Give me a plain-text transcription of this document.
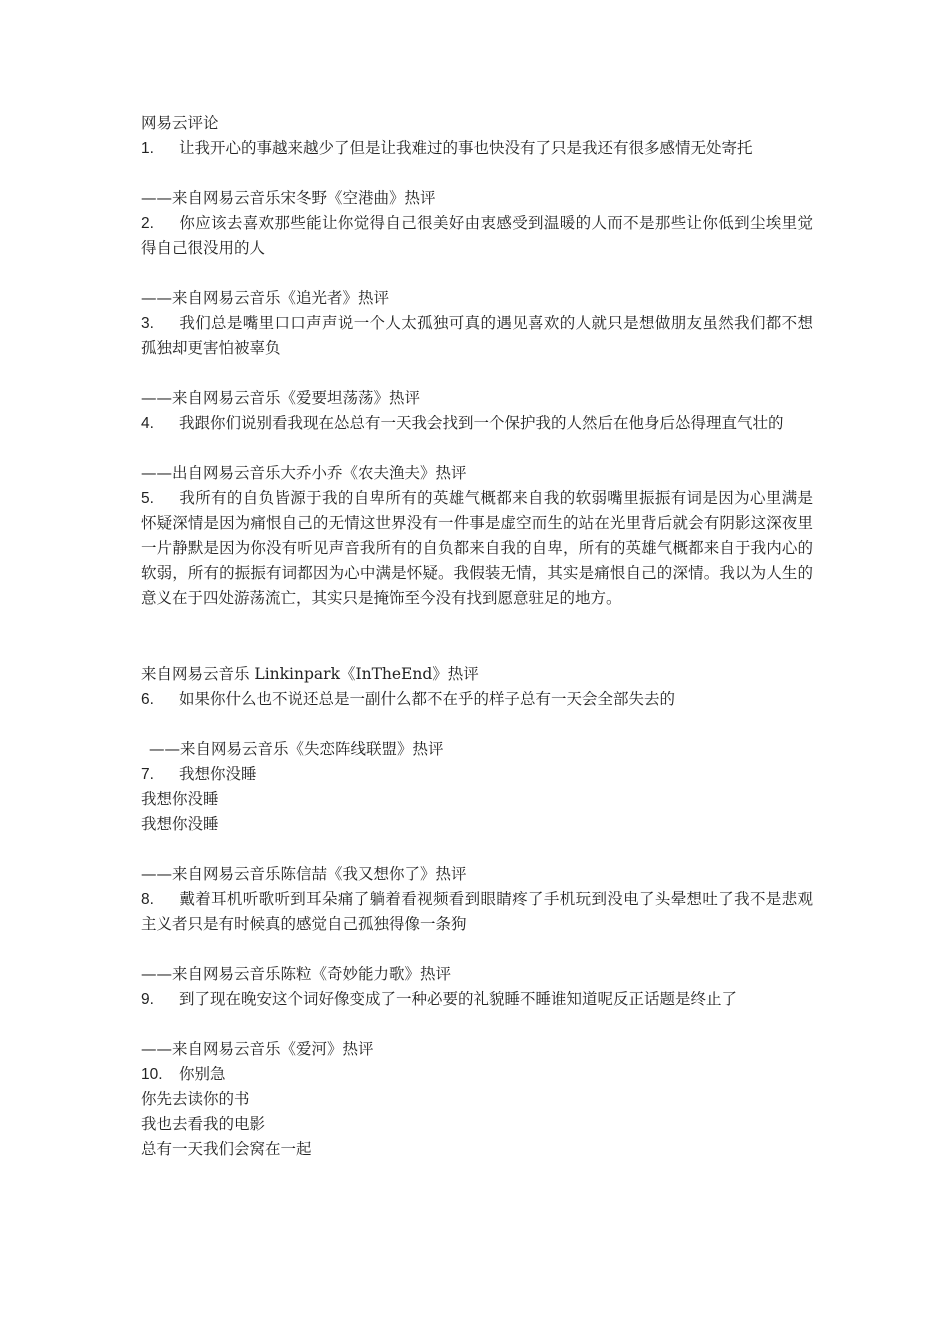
网易云评论

1. 让我开心的事越来越少了但是让我难过的事也快没有了只是我还有很多感情无处寄托

——来自网易云音乐宋冬野《空港曲》热评

2. 你应该去喜欢那些能让你觉得自己很美好由衷感受到温暖的人而不是那些让你低到尘埃里觉得自己很没用的人

——来自网易云音乐《追光者》热评

3. 我们总是嘴里口口声声说一个人太孤独可真的遇见喜欢的人就只是想做朋友虽然我们都不想孤独却更害怕被辜负

——来自网易云音乐《爱要坦荡荡》热评

4. 我跟你们说别看我现在怂总有一天我会找到一个保护我的人然后在他身后怂得理直气壮的

——出自网易云音乐大乔小乔《农夫渔夫》热评

5. 我所有的自负皆源于我的自卑所有的英雄气概都来自我的软弱嘴里振振有词是因为心里满是怀疑深情是因为痛恨自己的无情这世界没有一件事是虚空而生的站在光里背后就会有阴影这深夜里一片静默是因为你没有听见声音我所有的自负都来自我的自卑，所有的英雄气概都来自于我内心的软弱，所有的振振有词都因为心中满是怀疑。我假装无情，其实是痛恨自己的深情。我以为人生的意义在于四处游荡流亡，其实只是掩饰至今没有找到愿意驻足的地方。

来自网易云音乐 Linkinpark《InTheEnd》热评

6. 如果你什么也不说还总是一副什么都不在乎的样子总有一天会全部失去的

——来自网易云音乐《失恋阵线联盟》热评

7. 我想你没睡

我想你没睡

我想你没睡

——来自网易云音乐陈信喆《我又想你了》热评

8. 戴着耳机听歌听到耳朵痛了躺着看视频看到眼睛疼了手机玩到没电了头晕想吐了我不是悲观主义者只是有时候真的感觉自己孤独得像一条狗

——来自网易云音乐陈粒《奇妙能力歌》热评

9. 到了现在晚安这个词好像变成了一种必要的礼貌睡不睡谁知道呢反正话题是终止了

——来自网易云音乐《爱河》热评

10. 你别急

你先去读你的书

我也去看我的电影

总有一天我们会窝在一起
